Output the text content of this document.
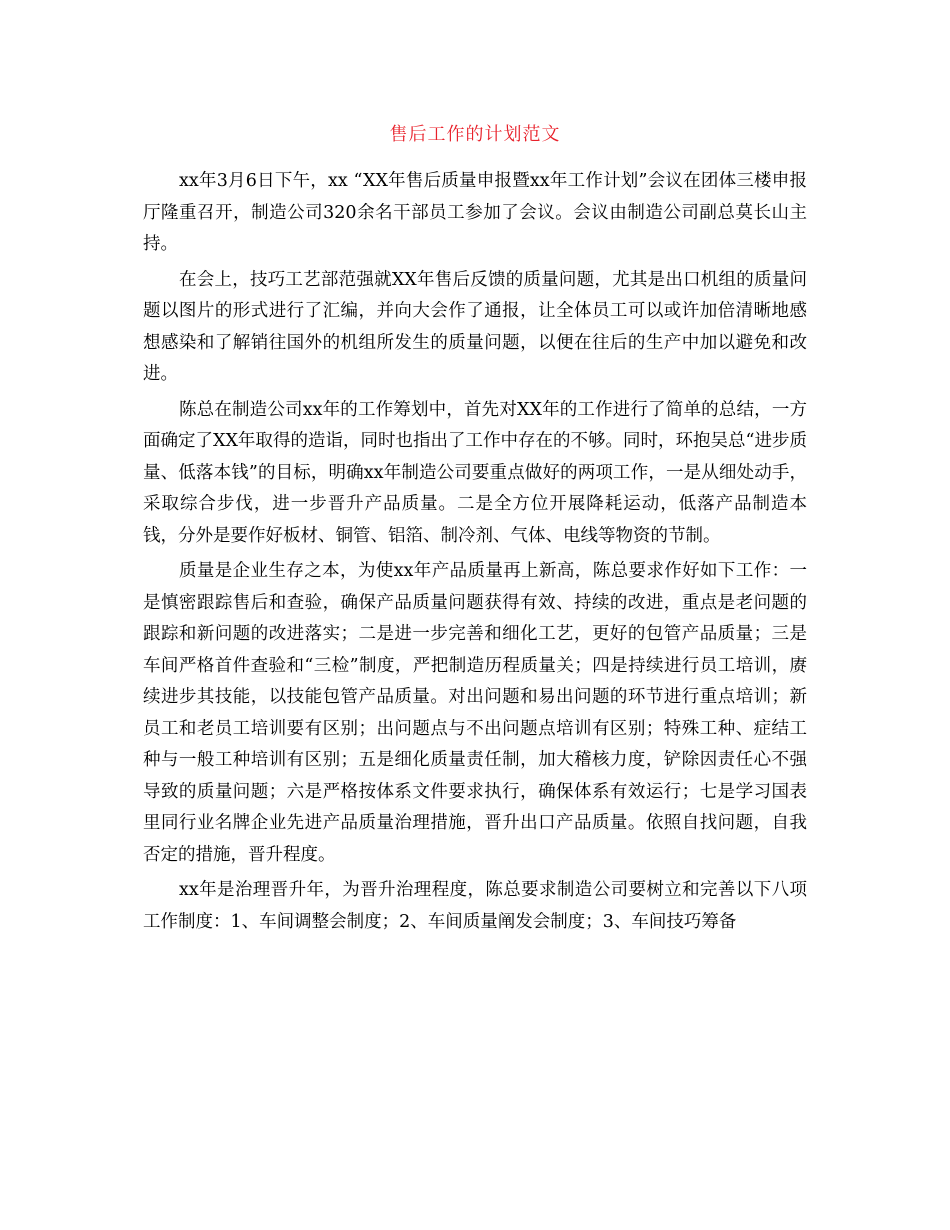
售后工作的计划范文

xx年3月6日下午，xx “XX年售后质量申报暨xx年工作计划”会议在团体三楼申报厅隆重召开，制造公司320余名干部员工参加了会议。会议由制造公司副总莫长山主持。

在会上，技巧工艺部范强就XX年售后反馈的质量问题，尤其是出口机组的质量问题以图片的形式进行了汇编，并向大会作了通报，让全体员工可以或许加倍清晰地感想感染和了解销往国外的机组所发生的质量问题，以便在往后的生产中加以避免和改进。

陈总在制造公司xx年的工作筹划中，首先对XX年的工作进行了简单的总结，一方面确定了XX年取得的造诣，同时也指出了工作中存在的不够。同时，环抱吴总“进步质量、低落本钱”的目标，明确xx年制造公司要重点做好的两项工作，一是从细处动手，采取综合步伐，进一步晋升产品质量。二是全方位开展降耗运动，低落产品制造本钱，分外是要作好板材、铜管、铝箔、制冷剂、气体、电线等物资的节制。

质量是企业生存之本，为使xx年产品质量再上新高，陈总要求作好如下工作：一是慎密跟踪售后和查验，确保产品质量问题获得有效、持续的改进，重点是老问题的跟踪和新问题的改进落实；二是进一步完善和细化工艺，更好的包管产品质量；三是车间严格首件查验和“三检”制度，严把制造历程质量关；四是持续进行员工培训，赓续进步其技能，以技能包管产品质量。对出问题和易出问题的环节进行重点培训；新员工和老员工培训要有区别；出问题点与不出问题点培训有区别；特殊工种、症结工种与一般工种培训有区别；五是细化质量责任制，加大稽核力度，铲除因责任心不强导致的质量问题；六是严格按体系文件要求执行，确保体系有效运行；七是学习国表里同行业名牌企业先进产品质量治理措施，晋升出口产品质量。依照自找问题，自我否定的措施，晋升程度。

xx年是治理晋升年，为晋升治理程度，陈总要求制造公司要树立和完善以下八项工作制度：1、车间调整会制度；2、车间质量阐发会制度；3、车间技巧筹备
